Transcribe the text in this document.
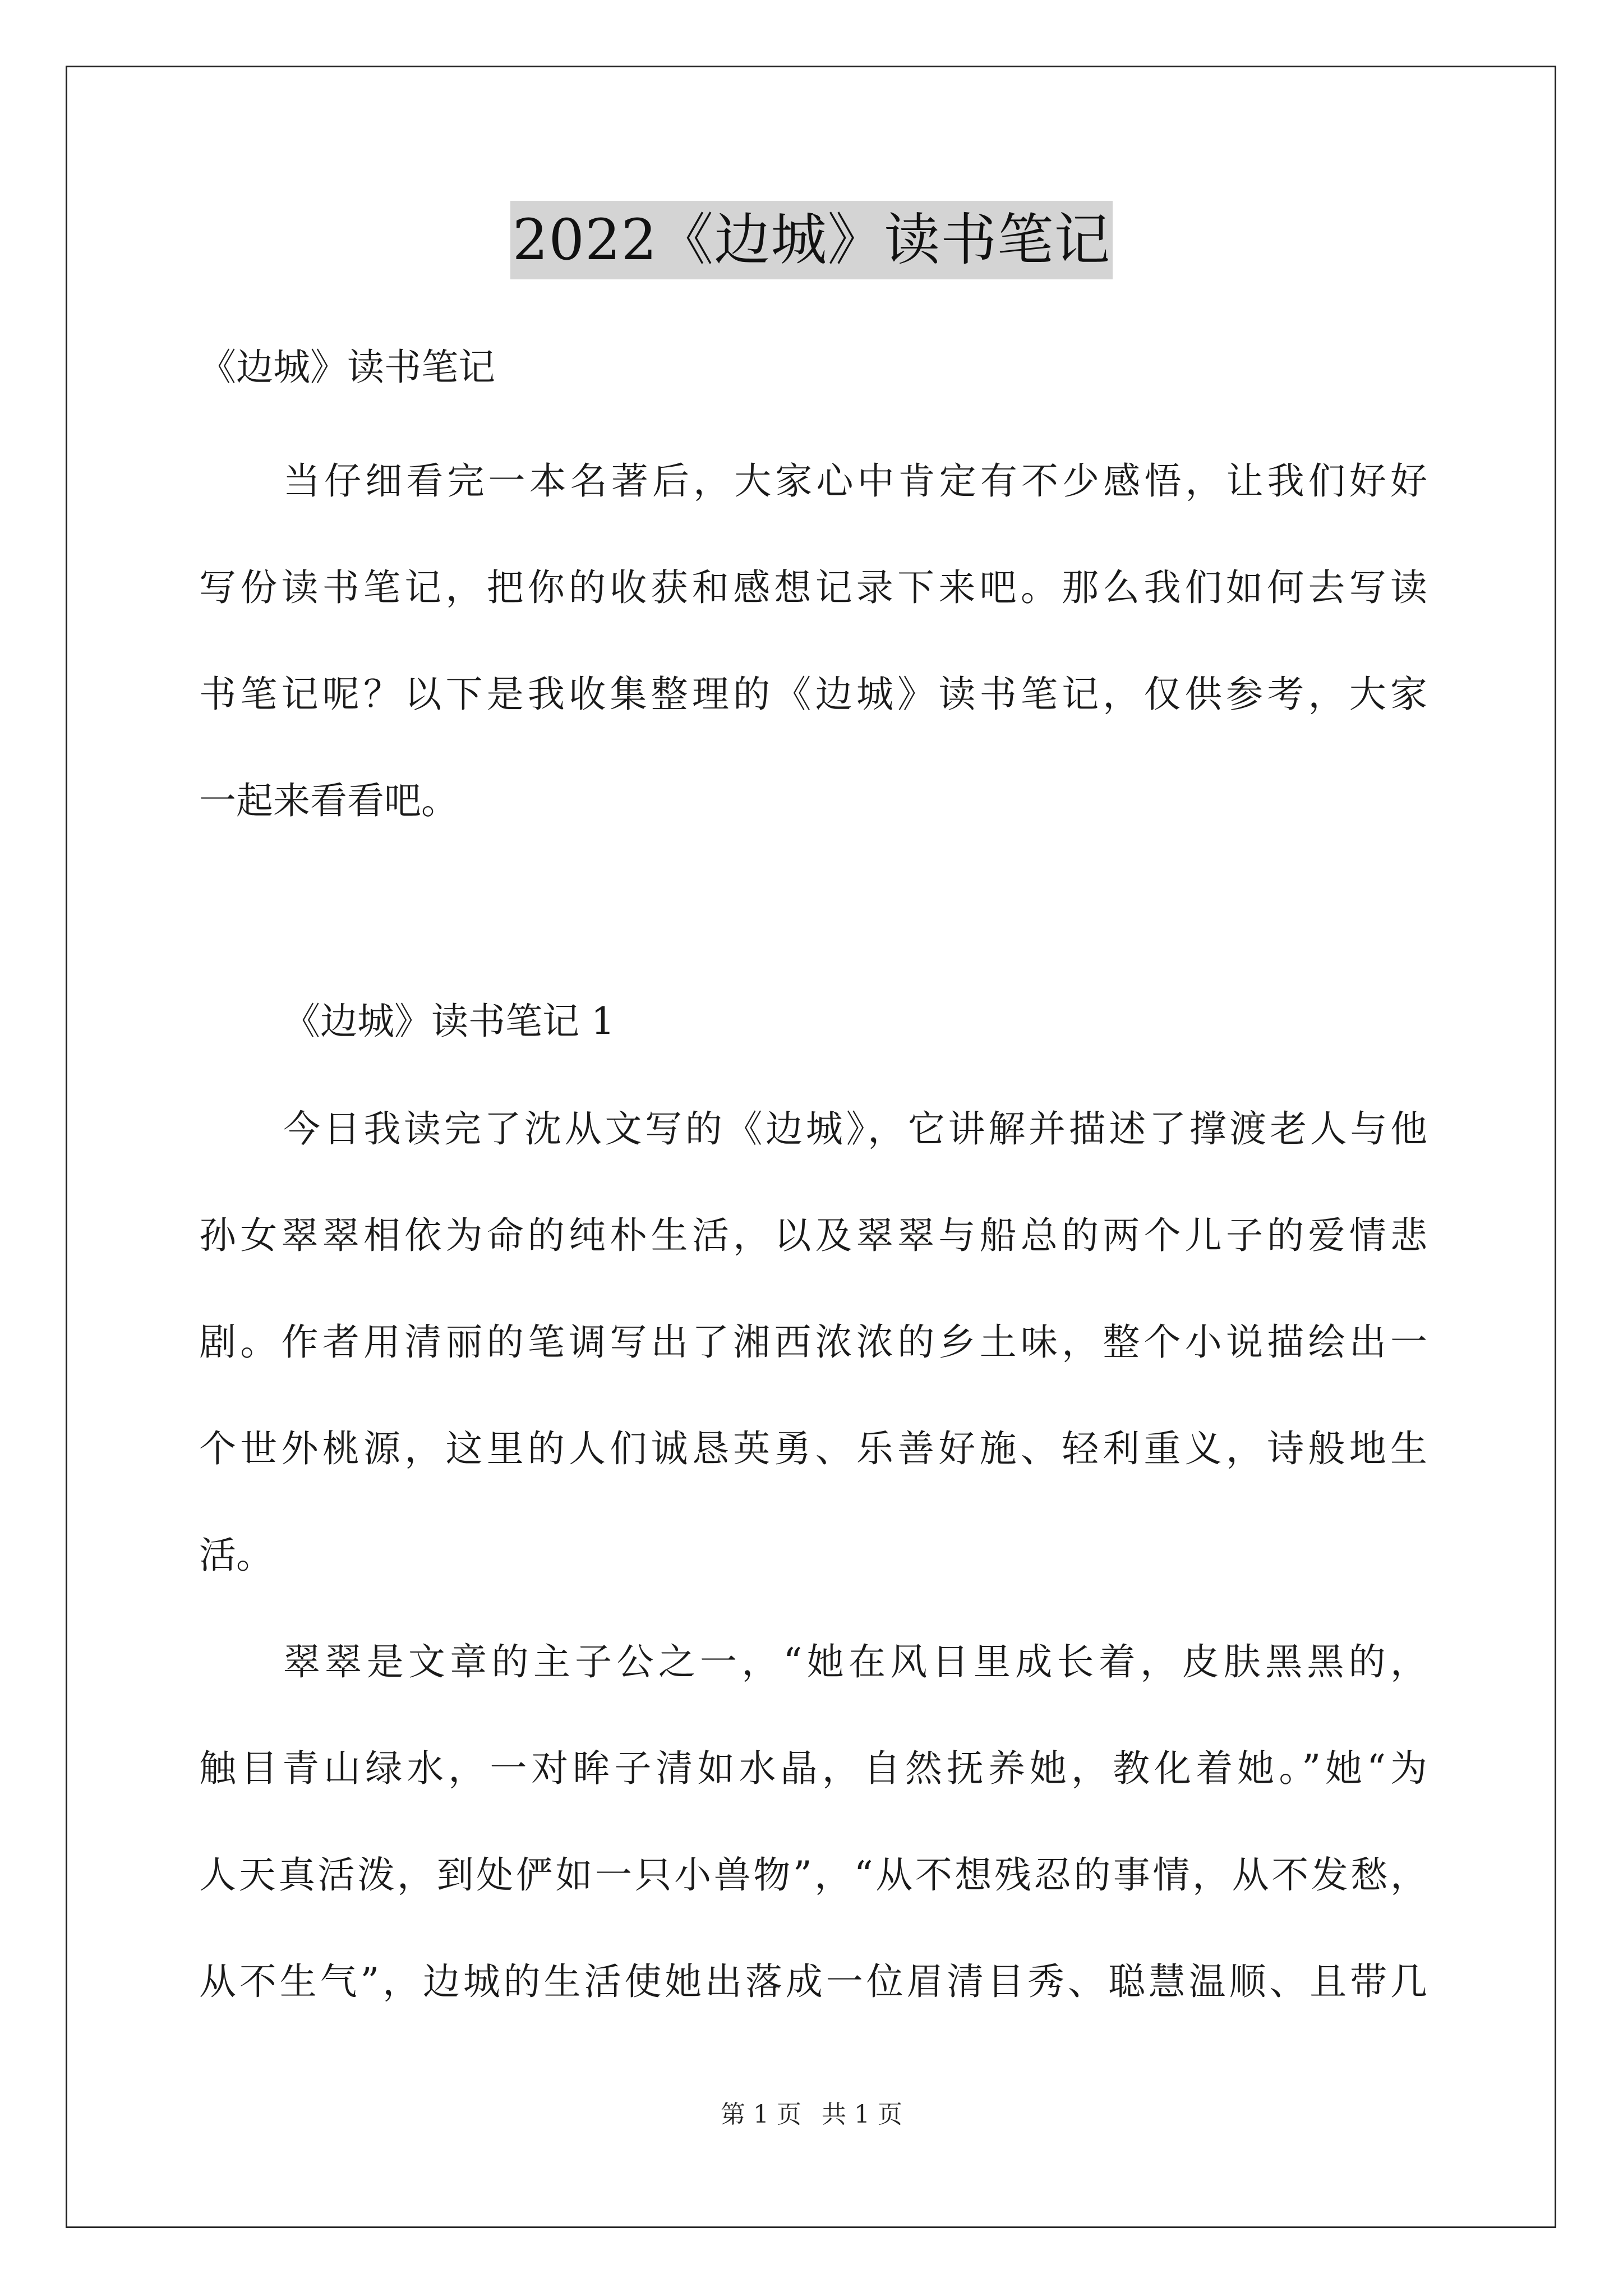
2022《边城》读书笔记
《边城》读书笔记
当仔细看完一本名著后，大家心中肯定有不少感悟，让我们好好
写份读书笔记，把你的收获和感想记录下来吧。那么我们如何去写读
书笔记呢？以下是我收集整理的《边城》读书笔记，仅供参考，大家
一起来看看吧。
《边城》读书笔记 1
今日我读完了沈从文写的《边城》，它讲解并描述了撑渡老人与他
孙女翠翠相依为命的纯朴生活，以及翠翠与船总的两个儿子的爱情悲
剧。作者用清丽的笔调写出了湘西浓浓的乡土味，整个小说描绘出一
个世外桃源，这里的人们诚恳英勇、乐善好施、轻利重义，诗般地生
活。
翠翠是文章的主子公之一，“她在风日里成长着，皮肤黑黑的，
触目青山绿水，一对眸子清如水晶，自然抚养她，教化着她。”她“为
人天真活泼，到处俨如一只小兽物”，“从不想残忍的事情，从不发愁，
从不生气”，边城的生活使她出落成一位眉清目秀、聪慧温顺、且带几
第 1 页 共 1 页
